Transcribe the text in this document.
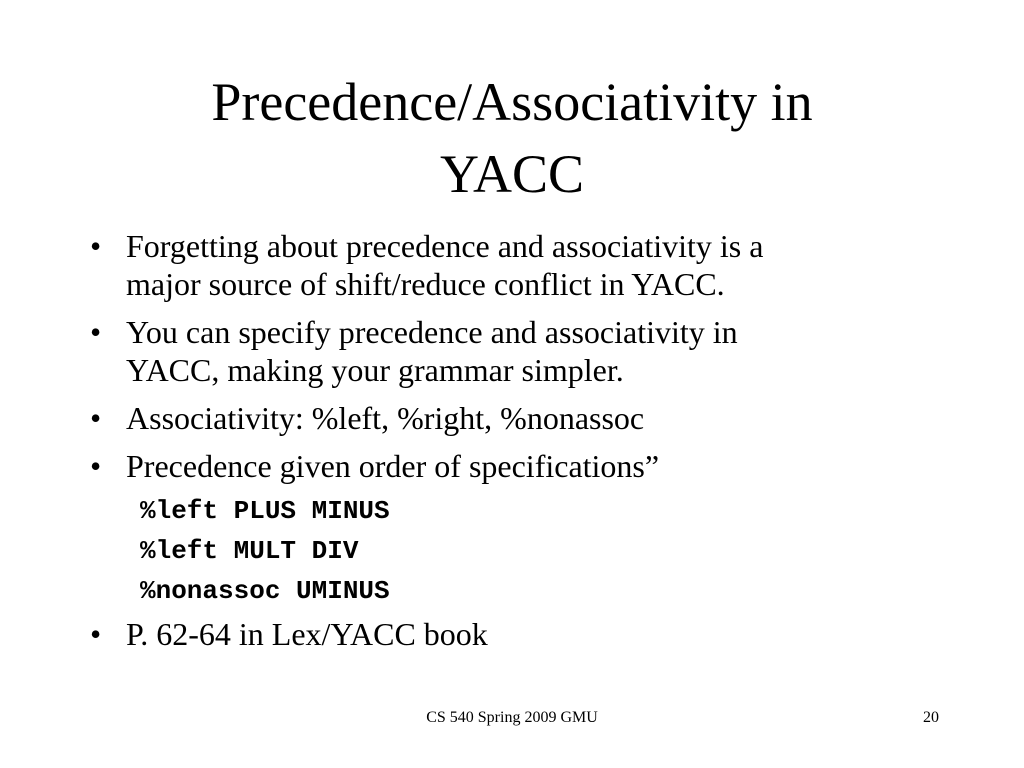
Precedence/Associativity in
YACC
• Forgetting about precedence and associativity is a
major source of shift/reduce conflict in YACC.
• You can specify precedence and associativity in
YACC, making your grammar simpler.
• Associativity: %left, %right, %nonassoc
• Precedence given order of specifications”
%left PLUS MINUS
%left MULT DIV
%nonassoc UMINUS
• P. 62-64 in Lex/YACC book
CS 540 Spring 2009 GMU	20
